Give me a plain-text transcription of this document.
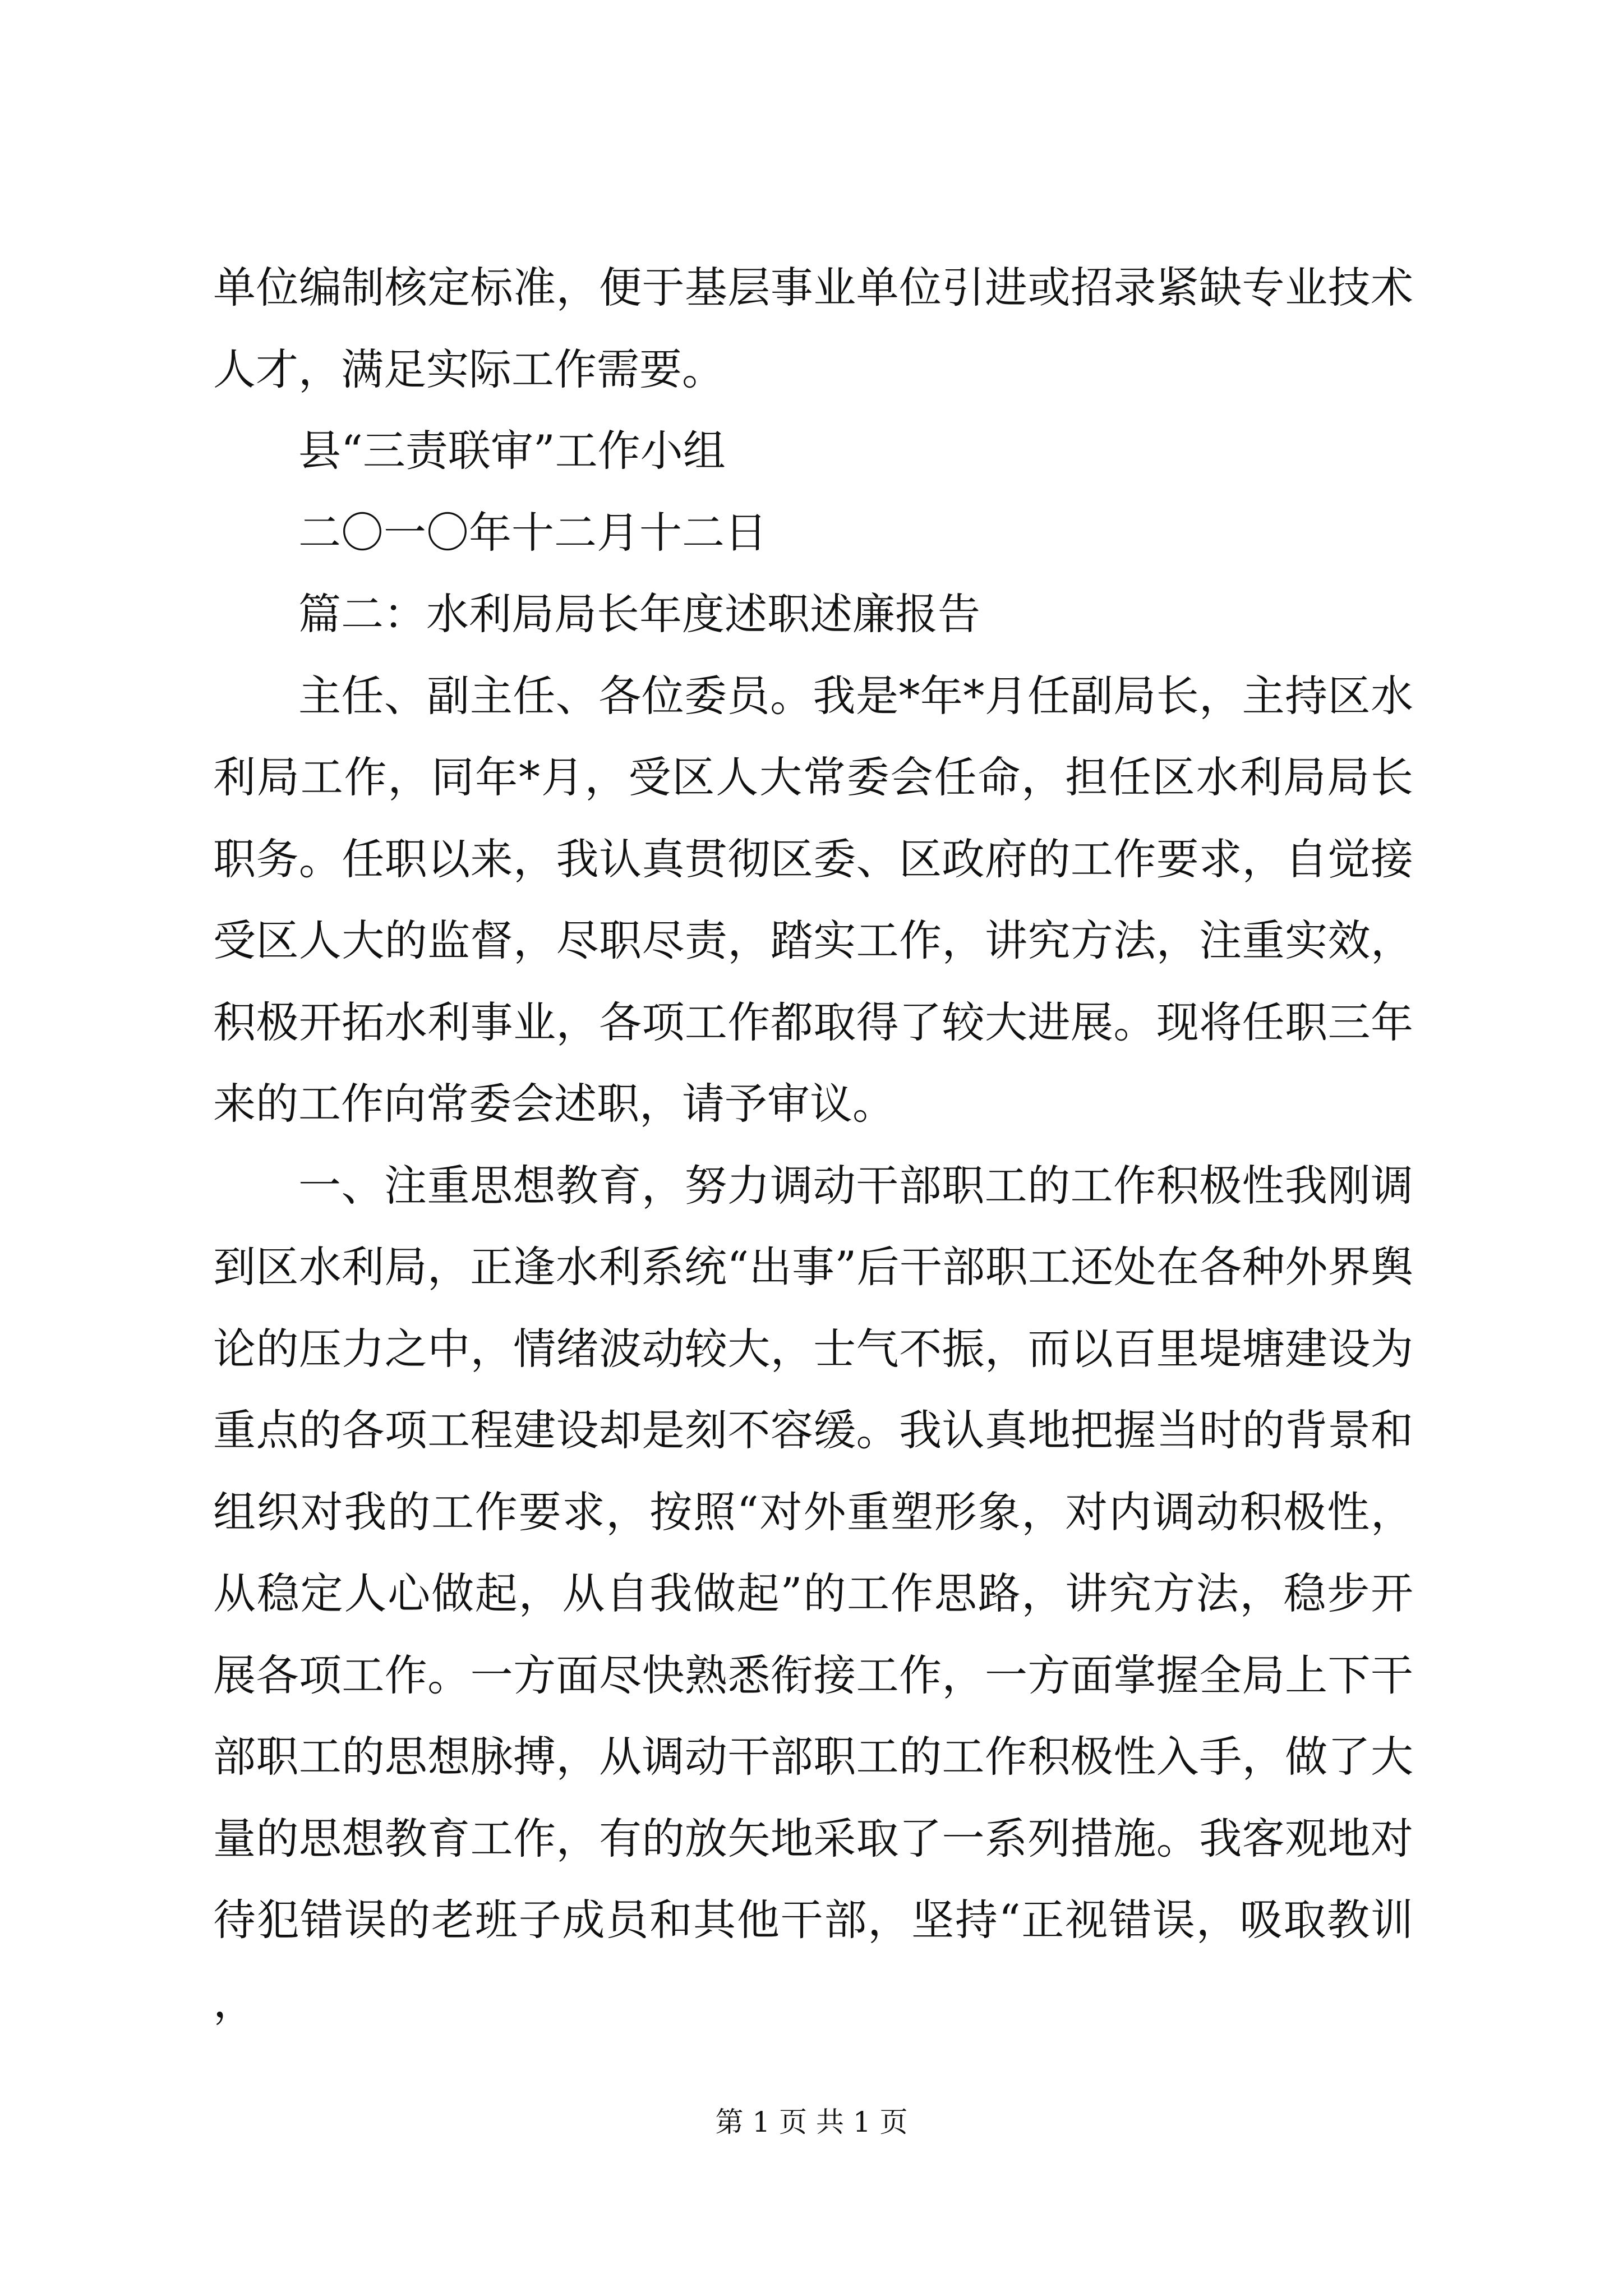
单位编制核定标准，便于基层事业单位引进或招录紧缺专业技术人才，满足实际工作需要。

县“三责联审”工作小组

二〇一〇年十二月十二日

篇二：水利局局长年度述职述廉报告

主任、副主任、各位委员。我是*年*月任副局长，主持区水利局工作，同年*月，受区人大常委会任命，担任区水利局局长职务。任职以来，我认真贯彻区委、区政府的工作要求，自觉接受区人大的监督，尽职尽责，踏实工作，讲究方法，注重实效，积极开拓水利事业，各项工作都取得了较大进展。现将任职三年来的工作向常委会述职，请予审议。

一、注重思想教育，努力调动干部职工的工作积极性我刚调到区水利局，正逢水利系统“出事”后干部职工还处在各种外界舆论的压力之中，情绪波动较大，士气不振，而以百里堤塘建设为重点的各项工程建设却是刻不容缓。我认真地把握当时的背景和组织对我的工作要求，按照“对外重塑形象，对内调动积极性，从稳定人心做起，从自我做起”的工作思路，讲究方法，稳步开展各项工作。一方面尽快熟悉衔接工作，一方面掌握全局上下干部职工的思想脉搏，从调动干部职工的工作积极性入手，做了大量的思想教育工作，有的放矢地采取了一系列措施。我客观地对待犯错误的老班子成员和其他干部，坚持“正视错误，吸取教训，

第 1 页 共 1 页
